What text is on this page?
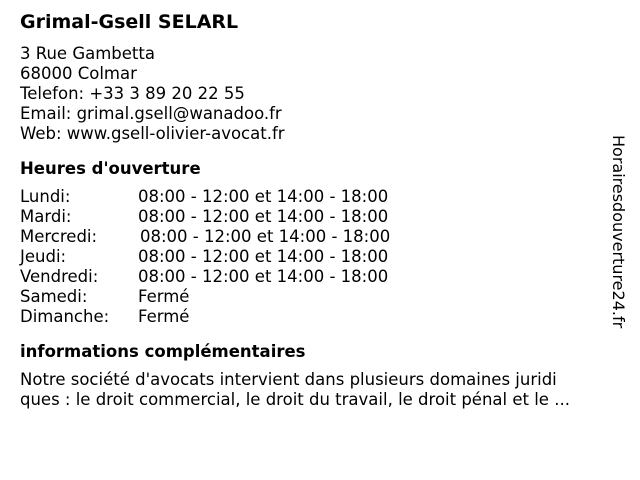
Grimal-Gsell SELARL
3 Rue Gambetta
68000 Colmar
Telefon: +33 3 89 20 22 55
Email: grimal.gsell@wanadoo.fr
Web: www.gsell-olivier-avocat.fr
Heures d'ouverture
Lundi:	08:00 - 12:00 et 14:00 - 18:00
Mardi:	08:00 - 12:00 et 14:00 - 18:00
Mercredi:	08:00 - 12:00 et 14:00 - 18:00
Jeudi:	08:00 - 12:00 et 14:00 - 18:00
Vendredi: 08:00 - 12:00 et 14:00 - 18:00
Samedi:	Fermé
Dimanche: Fermé
informations complémentaires
Notre société d'avocats intervient dans plusieurs domaines juridi
ques : le droit commercial, le droit du travail, le droit pénal et le ...
Horairesdouverture24.fr
